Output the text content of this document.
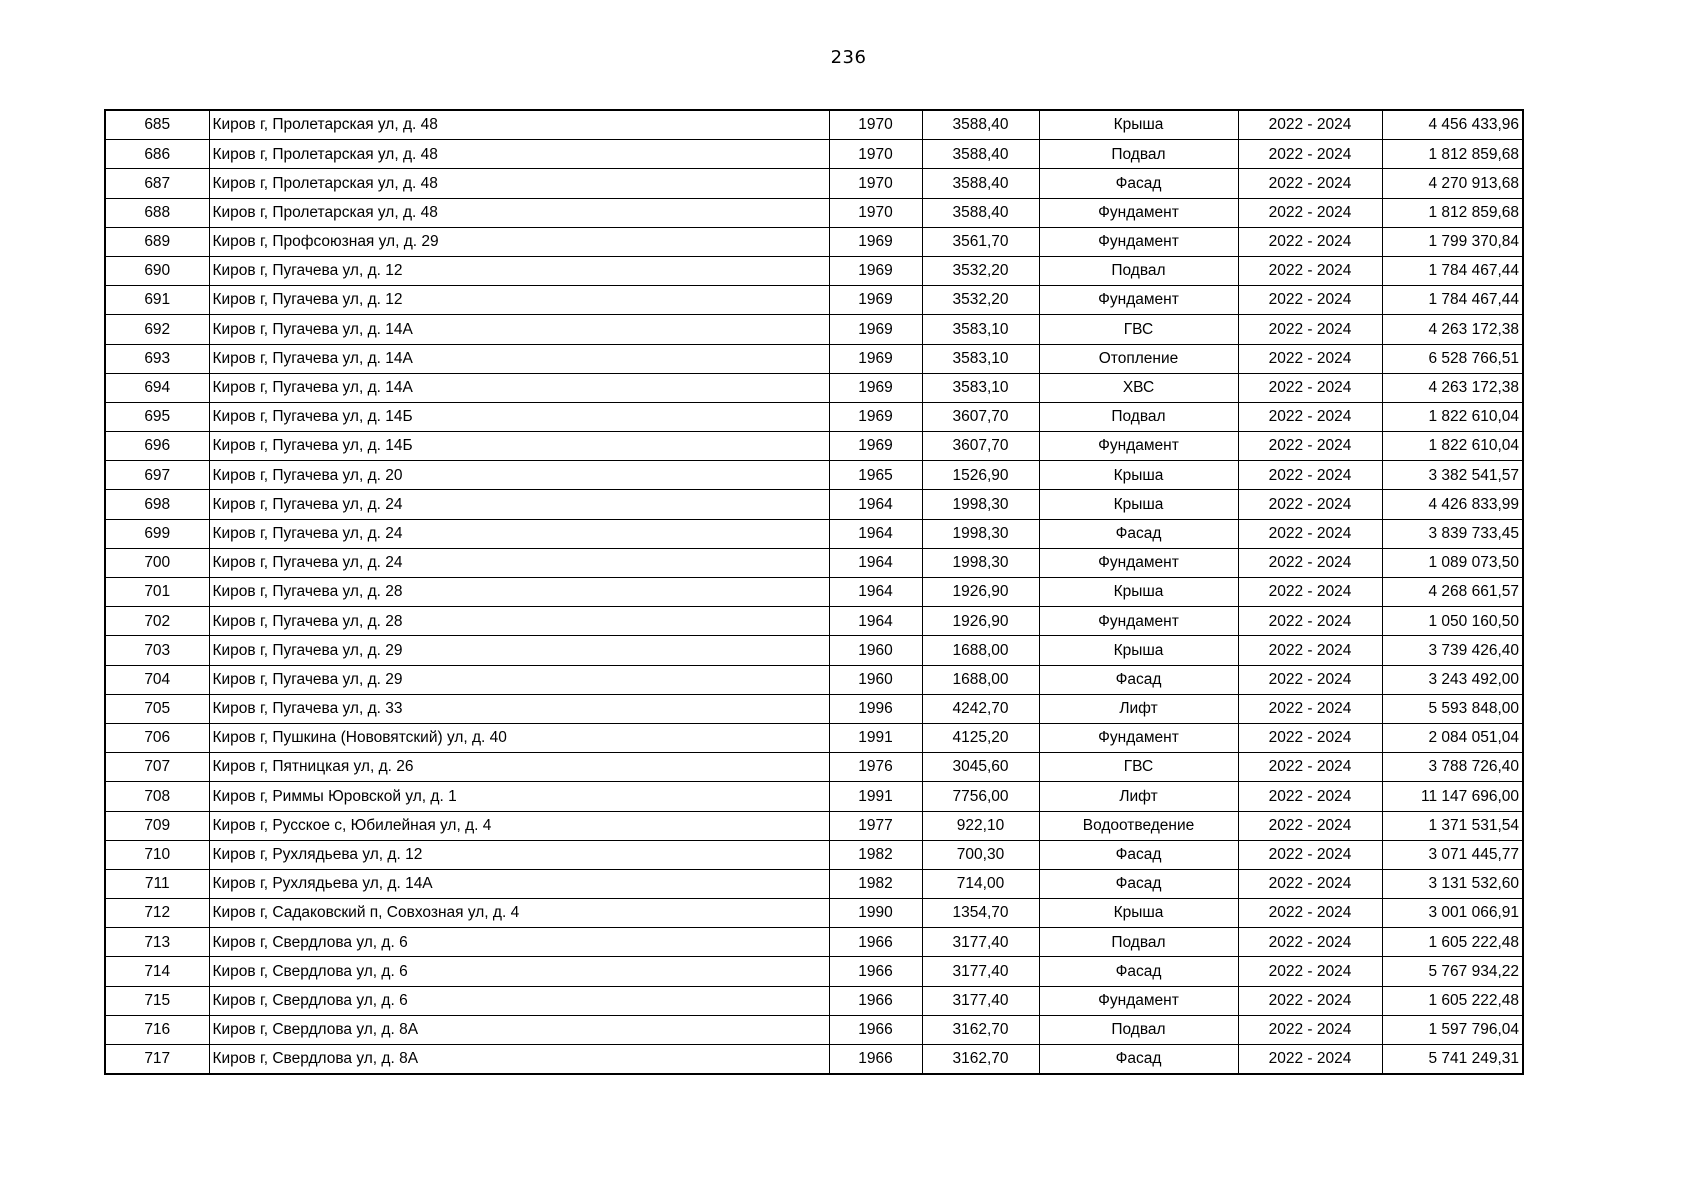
236
685	Киров г, Пролетарская ул, д. 48	1970	3588,40	Крыша	2022 - 2024	4 456 433,96
686	Киров г, Пролетарская ул, д. 48	1970	3588,40	Подвал	2022 - 2024	1 812 859,68
687	Киров г, Пролетарская ул, д. 48	1970	3588,40	Фасад	2022 - 2024	4 270 913,68
688	Киров г, Пролетарская ул, д. 48	1970	3588,40	Фундамент	2022 - 2024	1 812 859,68
689	Киров г, Профсоюзная ул, д. 29	1969	3561,70	Фундамент	2022 - 2024	1 799 370,84
690	Киров г, Пугачева ул, д. 12	1969	3532,20	Подвал	2022 - 2024	1 784 467,44
691	Киров г, Пугачева ул, д. 12	1969	3532,20	Фундамент	2022 - 2024	1 784 467,44
692	Киров г, Пугачева ул, д. 14А	1969	3583,10	ГВС	2022 - 2024	4 263 172,38
693	Киров г, Пугачева ул, д. 14А	1969	3583,10	Отопление	2022 - 2024	6 528 766,51
694	Киров г, Пугачева ул, д. 14А	1969	3583,10	ХВС	2022 - 2024	4 263 172,38
695	Киров г, Пугачева ул, д. 14Б	1969	3607,70	Подвал	2022 - 2024	1 822 610,04
696	Киров г, Пугачева ул, д. 14Б	1969	3607,70	Фундамент	2022 - 2024	1 822 610,04
697	Киров г, Пугачева ул, д. 20	1965	1526,90	Крыша	2022 - 2024	3 382 541,57
698	Киров г, Пугачева ул, д. 24	1964	1998,30	Крыша	2022 - 2024	4 426 833,99
699	Киров г, Пугачева ул, д. 24	1964	1998,30	Фасад	2022 - 2024	3 839 733,45
700	Киров г, Пугачева ул, д. 24	1964	1998,30	Фундамент	2022 - 2024	1 089 073,50
701	Киров г, Пугачева ул, д. 28	1964	1926,90	Крыша	2022 - 2024	4 268 661,57
702	Киров г, Пугачева ул, д. 28	1964	1926,90	Фундамент	2022 - 2024	1 050 160,50
703	Киров г, Пугачева ул, д. 29	1960	1688,00	Крыша	2022 - 2024	3 739 426,40
704	Киров г, Пугачева ул, д. 29	1960	1688,00	Фасад	2022 - 2024	3 243 492,00
705	Киров г, Пугачева ул, д. 33	1996	4242,70	Лифт	2022 - 2024	5 593 848,00
706	Киров г, Пушкина (Нововятский) ул, д. 40	1991	4125,20	Фундамент	2022 - 2024	2 084 051,04
707	Киров г, Пятницкая ул, д. 26	1976	3045,60	ГВС	2022 - 2024	3 788 726,40
708	Киров г, Риммы Юровской ул, д. 1	1991	7756,00	Лифт	2022 - 2024	11 147 696,00
709	Киров г, Русское с, Юбилейная ул, д. 4	1977	922,10	Водоотведение	2022 - 2024	1 371 531,54
710	Киров г, Рухлядьева ул, д. 12	1982	700,30	Фасад	2022 - 2024	3 071 445,77
711	Киров г, Рухлядьева ул, д. 14А	1982	714,00	Фасад	2022 - 2024	3 131 532,60
712	Киров г, Садаковский п, Совхозная ул, д. 4	1990	1354,70	Крыша	2022 - 2024	3 001 066,91
713	Киров г, Свердлова ул, д. 6	1966	3177,40	Подвал	2022 - 2024	1 605 222,48
714	Киров г, Свердлова ул, д. 6	1966	3177,40	Фасад	2022 - 2024	5 767 934,22
715	Киров г, Свердлова ул, д. 6	1966	3177,40	Фундамент	2022 - 2024	1 605 222,48
716	Киров г, Свердлова ул, д. 8А	1966	3162,70	Подвал	2022 - 2024	1 597 796,04
717	Киров г, Свердлова ул, д. 8А	1966	3162,70	Фасад	2022 - 2024	5 741 249,31
